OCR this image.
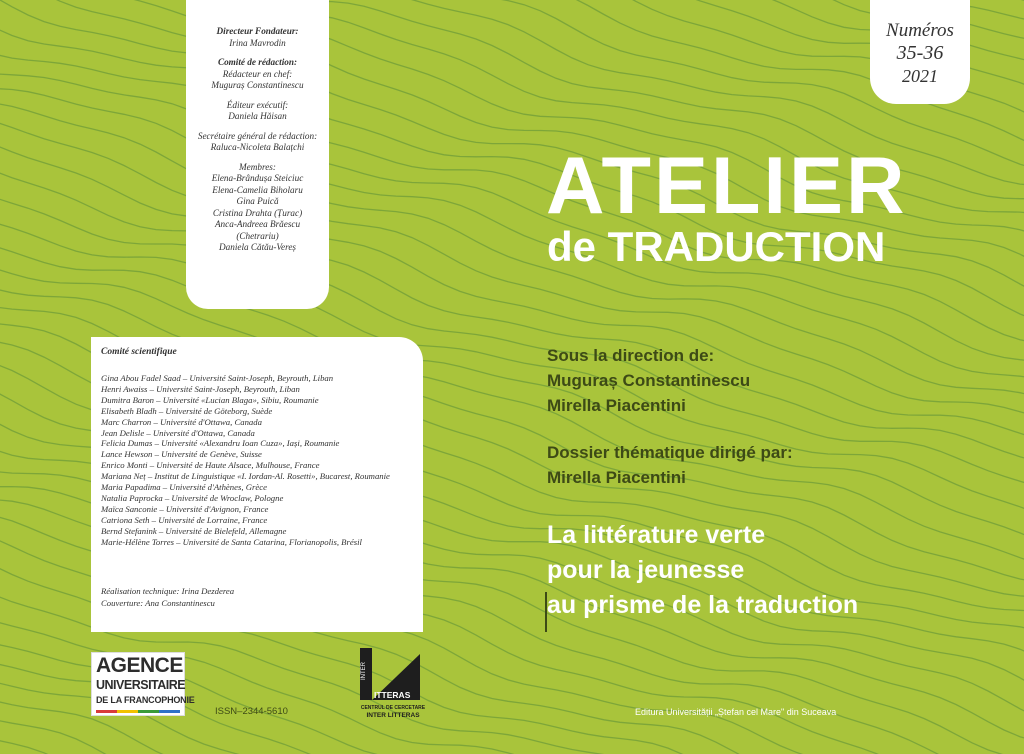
Directeur Fondateur:
Irina Mavrodin
Comité de rédaction:
Rédacteur en chef:
Muguraș Constantinescu
Éditeur exécutif:
Daniela Hăisan
Secrétaire général de rédaction:
Raluca-Nicoleta Balațchi
Membres:
Elena-Brândușa Steiciuc
Elena-Camelia Biholaru
Gina Puică
Cristina Drahta (Țurac)
Anca-Andreea Brăescu
(Chetrariu)
Daniela Cătău-Vereș
Comité scientifique
Gina Abou Fadel Saad – Université Saint-Joseph, Beyrouth, Liban
Henri Awaiss – Université Saint-Joseph, Beyrouth, Liban
Dumitra Baron – Université «Lucian Blaga», Sibiu, Roumanie
Elisabeth Bladh – Université de Göteborg, Suède
Marc Charron – Université d'Ottawa, Canada
Jean Delisle – Université d'Ottawa, Canada
Felicia Dumas – Université «Alexandru Ioan Cuza», Iași, Roumanie
Lance Hewson – Université de Genève, Suisse
Enrico Monti – Université de Haute Alsace, Mulhouse, France
Mariana Neț – Institut de Linguistique «I. Iordan-Al. Rosetti», Bucarest, Roumanie
Maria Papadima – Université d'Athènes, Grèce
Natalia Paprocka – Université de Wroclaw, Pologne
Maïca Sanconie – Université d'Avignon, France
Catriona Seth – Université de Lorraine, France
Bernd Stefanink – Université de Bielefeld, Allemagne
Marie-Hélène Torres – Université de Santa Catarina, Florianopolis, Brésil
Réalisation technique: Irina Dezderea
Couverture: Ana Constantinescu
Numéros
35-36
2021
ATELIER
de TRADUCTION
Sous la direction de:
Muguraș Constantinescu
Mirella Piacentini
Dossier thématique dirigé par:
Mirella Piacentini
La littérature verte
pour la jeunesse
au prisme de la traduction
AGENCE
UNIVERSITAIRE
DE LA FRANCOPHONIE
INTER
ITTERAS
CENTRUL DE CERCETARE
INTER LITTERAS
ISSN–2344-5610	Editura Universității „Ștefan cel Mare" din Suceava
